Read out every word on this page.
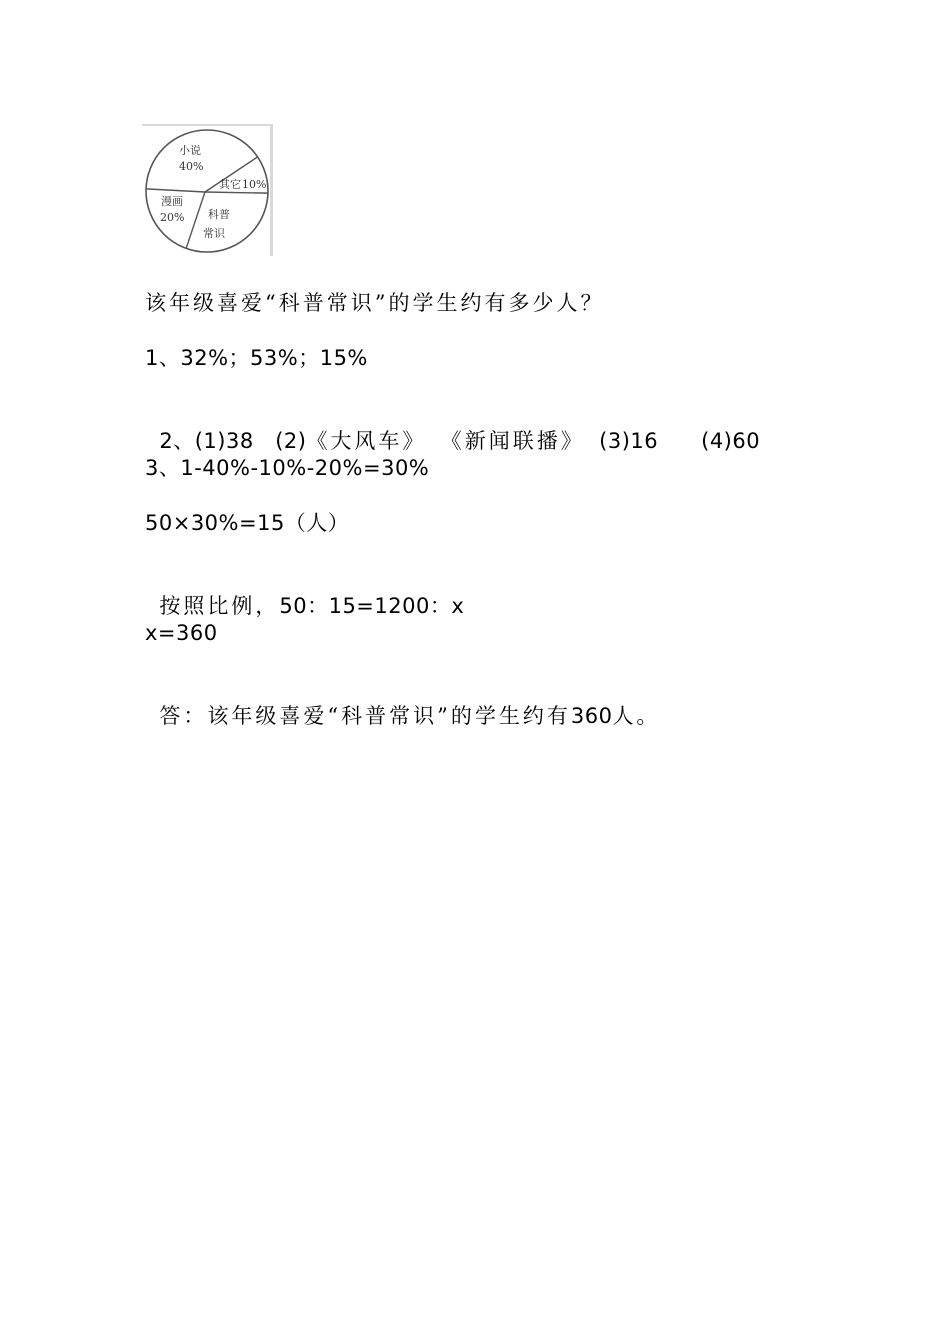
小说
40%
其它 10%
科普
常识
漫画
20%
该年级喜爱“科普常识”的学生约有多少人？
1、32%；53%；15%

2、(1)38　(2)《大风车》 《新闻联播》 (3)16　　(4)60

3、1-40%-10%-20%=30%
50×30%=15（人）

按照比例，50：15=1200：x

x=360

答：该年级喜爱“科普常识”的学生约有360人。
